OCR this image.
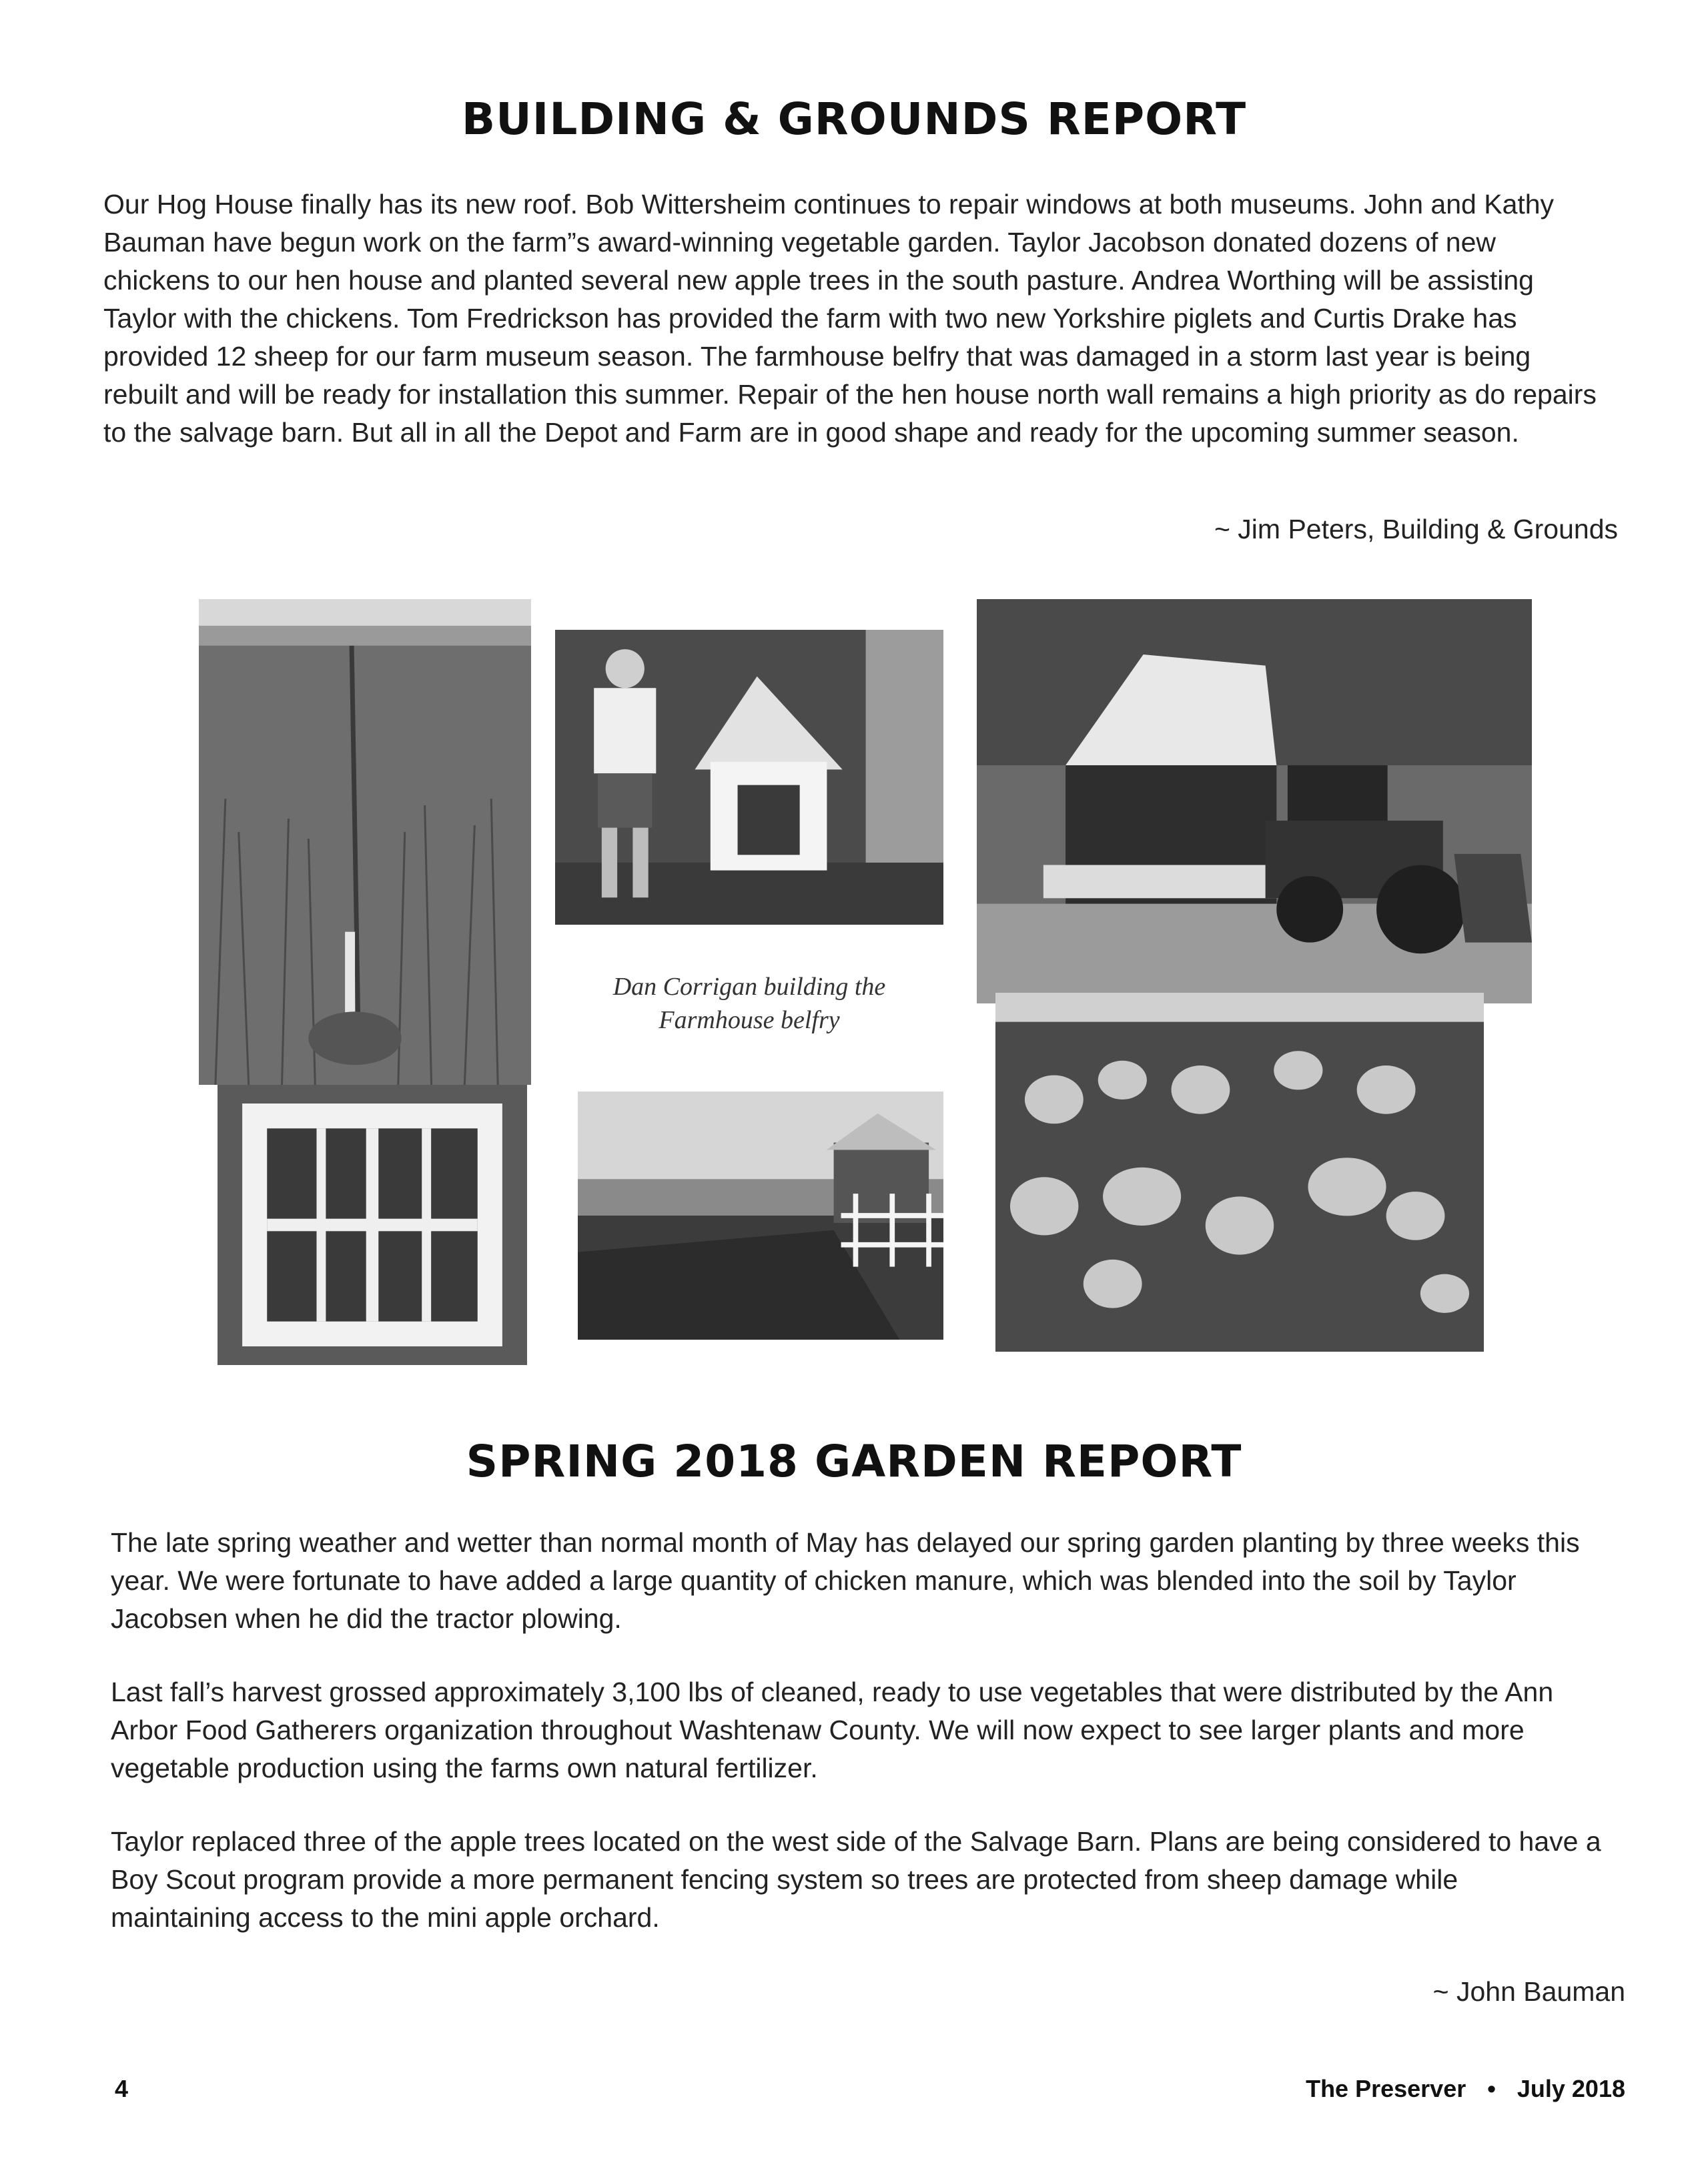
BUILDING & GROUNDS REPORT

Our Hog House finally has its new roof. Bob Wittersheim continues to repair windows at both museums. John and Kathy Bauman have begun work on the farm”s award-winning vegetable garden. Taylor Jacobson donated dozens of new chickens to our hen house and planted several new apple trees in the south pasture. Andrea Worthing will be assisting Taylor with the chickens. Tom Fredrickson has provided the farm with two new Yorkshire piglets and Curtis Drake has provided 12 sheep for our farm museum season. The farmhouse belfry that was damaged in a storm last year is being rebuilt and will be ready for installation this summer. Repair of the hen house north wall remains a high priority as do repairs to the salvage barn. But all in all the Depot and Farm are in good shape and ready for the upcoming summer season.

~ Jim Peters, Building & Grounds

Dan Corrigan building the Farmhouse belfry

SPRING 2018 GARDEN REPORT

The late spring weather and wetter than normal month of May has delayed our spring garden planting by three weeks this year. We were fortunate to have added a large quantity of chicken manure, which was blended into the soil by Taylor Jacobsen when he did the tractor plowing.

Last fall’s harvest grossed approximately 3,100 lbs of cleaned, ready to use vegetables that were distributed by the Ann Arbor Food Gatherers organization throughout Washtenaw County. We will now expect to see larger plants and more vegetable production using the farms own natural fertilizer.

Taylor replaced three of the apple trees located on the west side of the Salvage Barn. Plans are being considered to have a Boy Scout program provide a more permanent fencing system so trees are protected from sheep damage while maintaining access to the mini apple orchard.

~ John Bauman

4	The Preserver • July 2018
